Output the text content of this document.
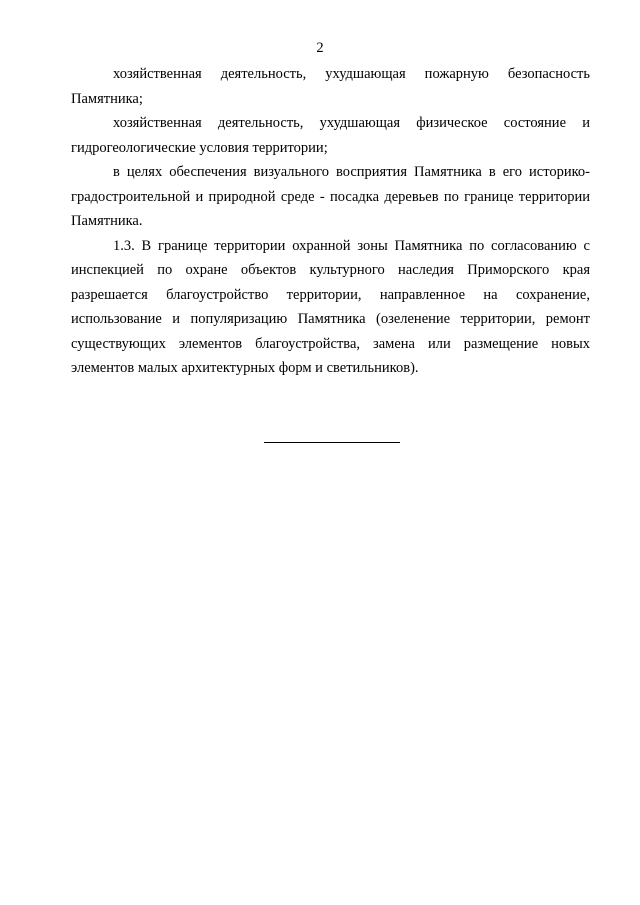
2

хозяйственная деятельность, ухудшающая пожарную безопасность Памятника;

хозяйственная деятельность, ухудшающая физическое состояние и гидрогеологические условия территории;

в целях обеспечения визуального восприятия Памятника в его историко-градостроительной и природной среде - посадка деревьев по границе территории Памятника.

1.3. В границе территории охранной зоны Памятника по согласованию с инспекцией по охране объектов культурного наследия Приморского края разрешается благоустройство территории, направленное на сохранение, использование и популяризацию Памятника (озеленение территории, ремонт существующих элементов благоустройства, замена или размещение новых элементов малых архитектурных форм и светильников).
